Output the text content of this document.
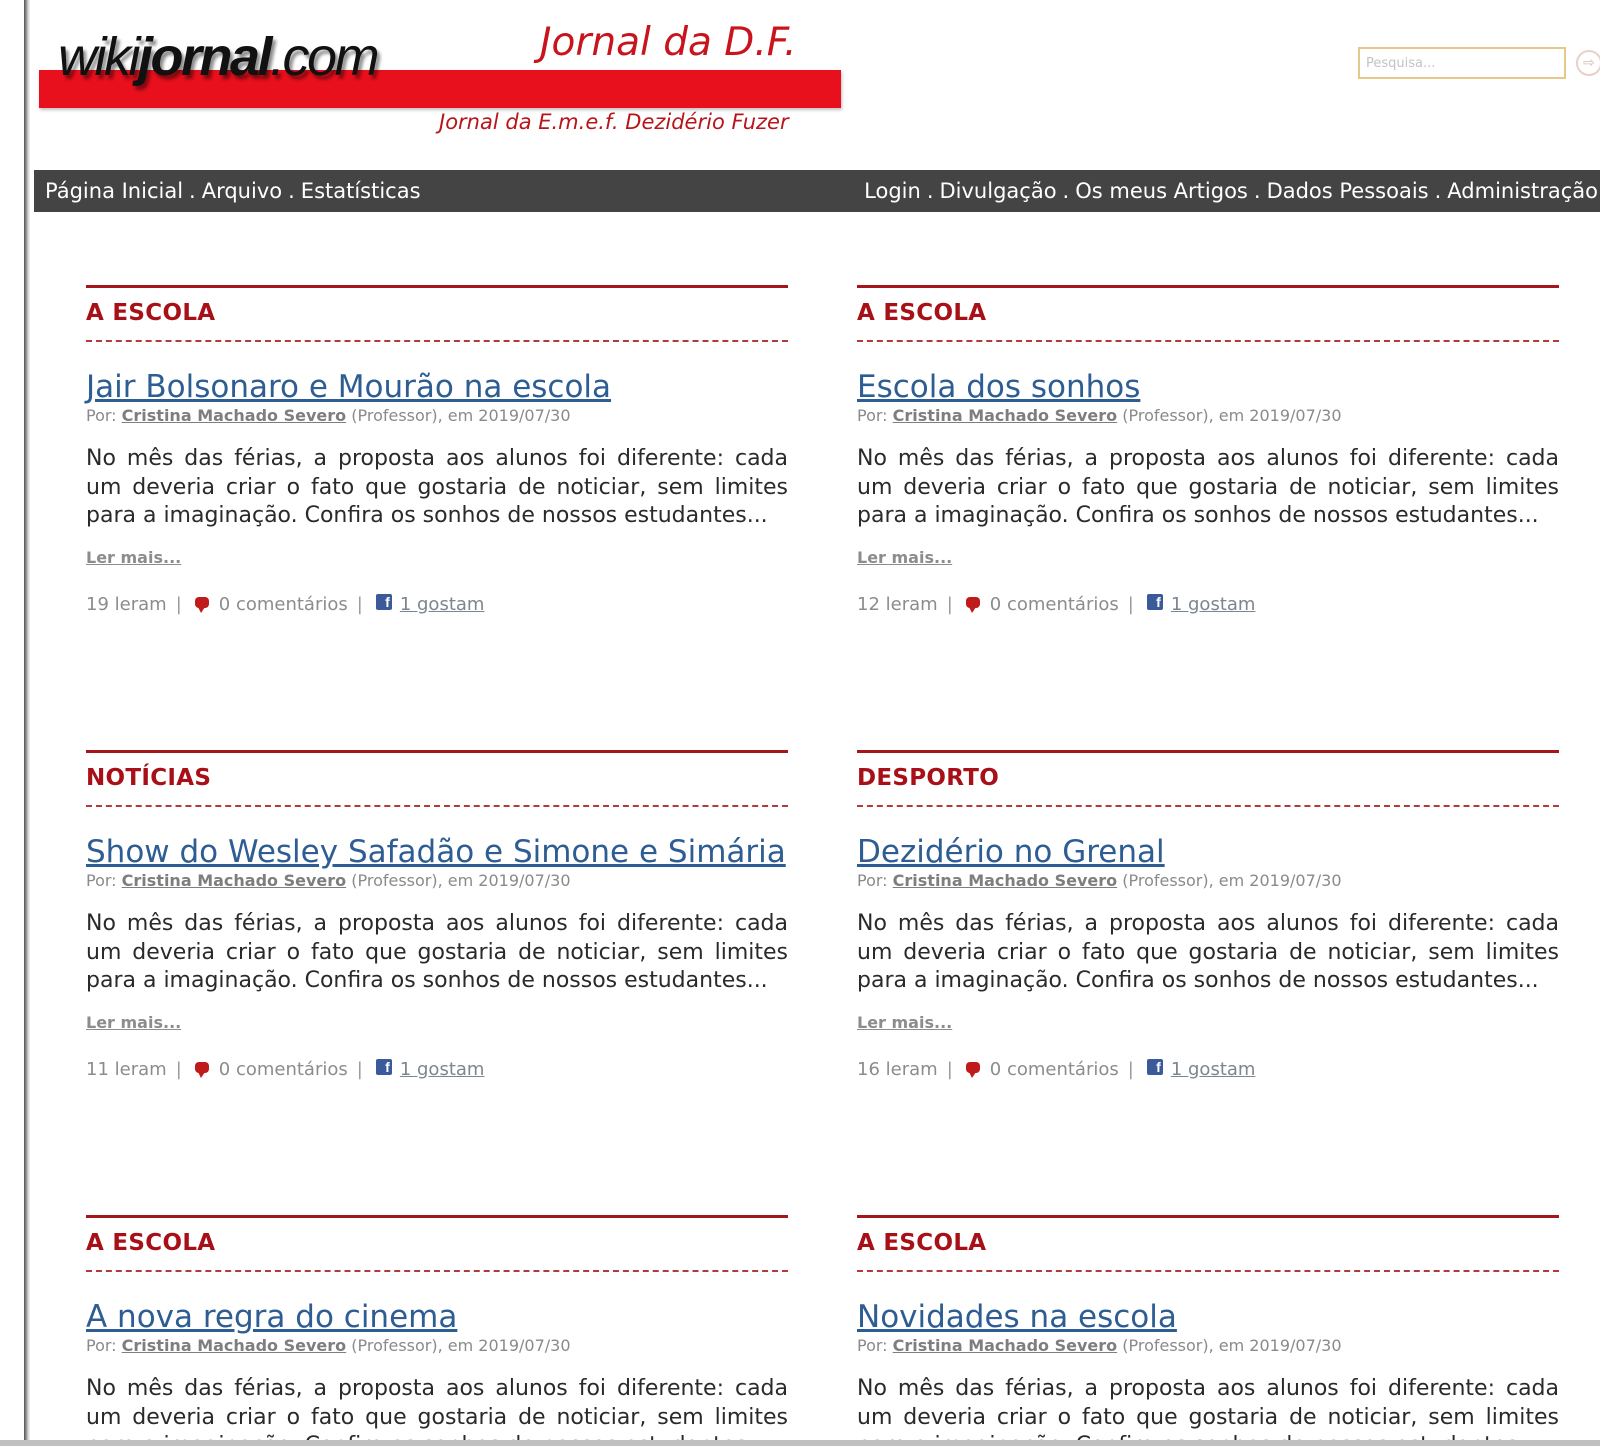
wikijornal.com	Jornal da D.F.
Jornal da E.m.e.f. Dezidério Fuzer
Pesquisa...
⇨
Página Inicial . Arquivo . Estatísticas	Login . Divulgação . Os meus Artigos . Dados Pessoais . Administração
A ESCOLA
Jair Bolsonaro e Mourão na escola
Por: Cristina Machado Severo (Professor), em 2019/07/30

No mês das férias, a proposta aos alunos foi diferente: cada um deveria criar o fato que gostaria de noticiar, sem limites para a imaginação. Confira os sonhos de nossos estudantes...

Ler mais...
19
leram |	0 comentários |	f 1 gostam
A ESCOLA
Escola dos sonhos
Por: Cristina Machado Severo (Professor), em 2019/07/30

No mês das férias, a proposta aos alunos foi diferente: cada um deveria criar o fato que gostaria de noticiar, sem limites para a imaginação. Confira os sonhos de nossos estudantes...

Ler mais...
12
leram |	0 comentários |	f 1 gostam
NOTÍCIAS
Show do Wesley Safadão e Simone e Simária
Por: Cristina Machado Severo (Professor), em 2019/07/30

No mês das férias, a proposta aos alunos foi diferente: cada um deveria criar o fato que gostaria de noticiar, sem limites para a imaginação. Confira os sonhos de nossos estudantes...

Ler mais...
11
leram |	0 comentários |	f 1 gostam
DESPORTO
Dezidério no Grenal
Por: Cristina Machado Severo (Professor), em 2019/07/30

No mês das férias, a proposta aos alunos foi diferente: cada um deveria criar o fato que gostaria de noticiar, sem limites para a imaginação. Confira os sonhos de nossos estudantes...

Ler mais...
16
leram |	0 comentários |	f 1 gostam
A ESCOLA
A nova regra do cinema
Por: Cristina Machado Severo (Professor), em 2019/07/30

No mês das férias, a proposta aos alunos foi diferente: cada um deveria criar o fato que gostaria de noticiar, sem limites

A ESCOLA
Novidades na escola
Por: Cristina Machado Severo (Professor), em 2019/07/30

No mês das férias, a proposta aos alunos foi diferente: cada um deveria criar o fato que gostaria de noticiar, sem limites
